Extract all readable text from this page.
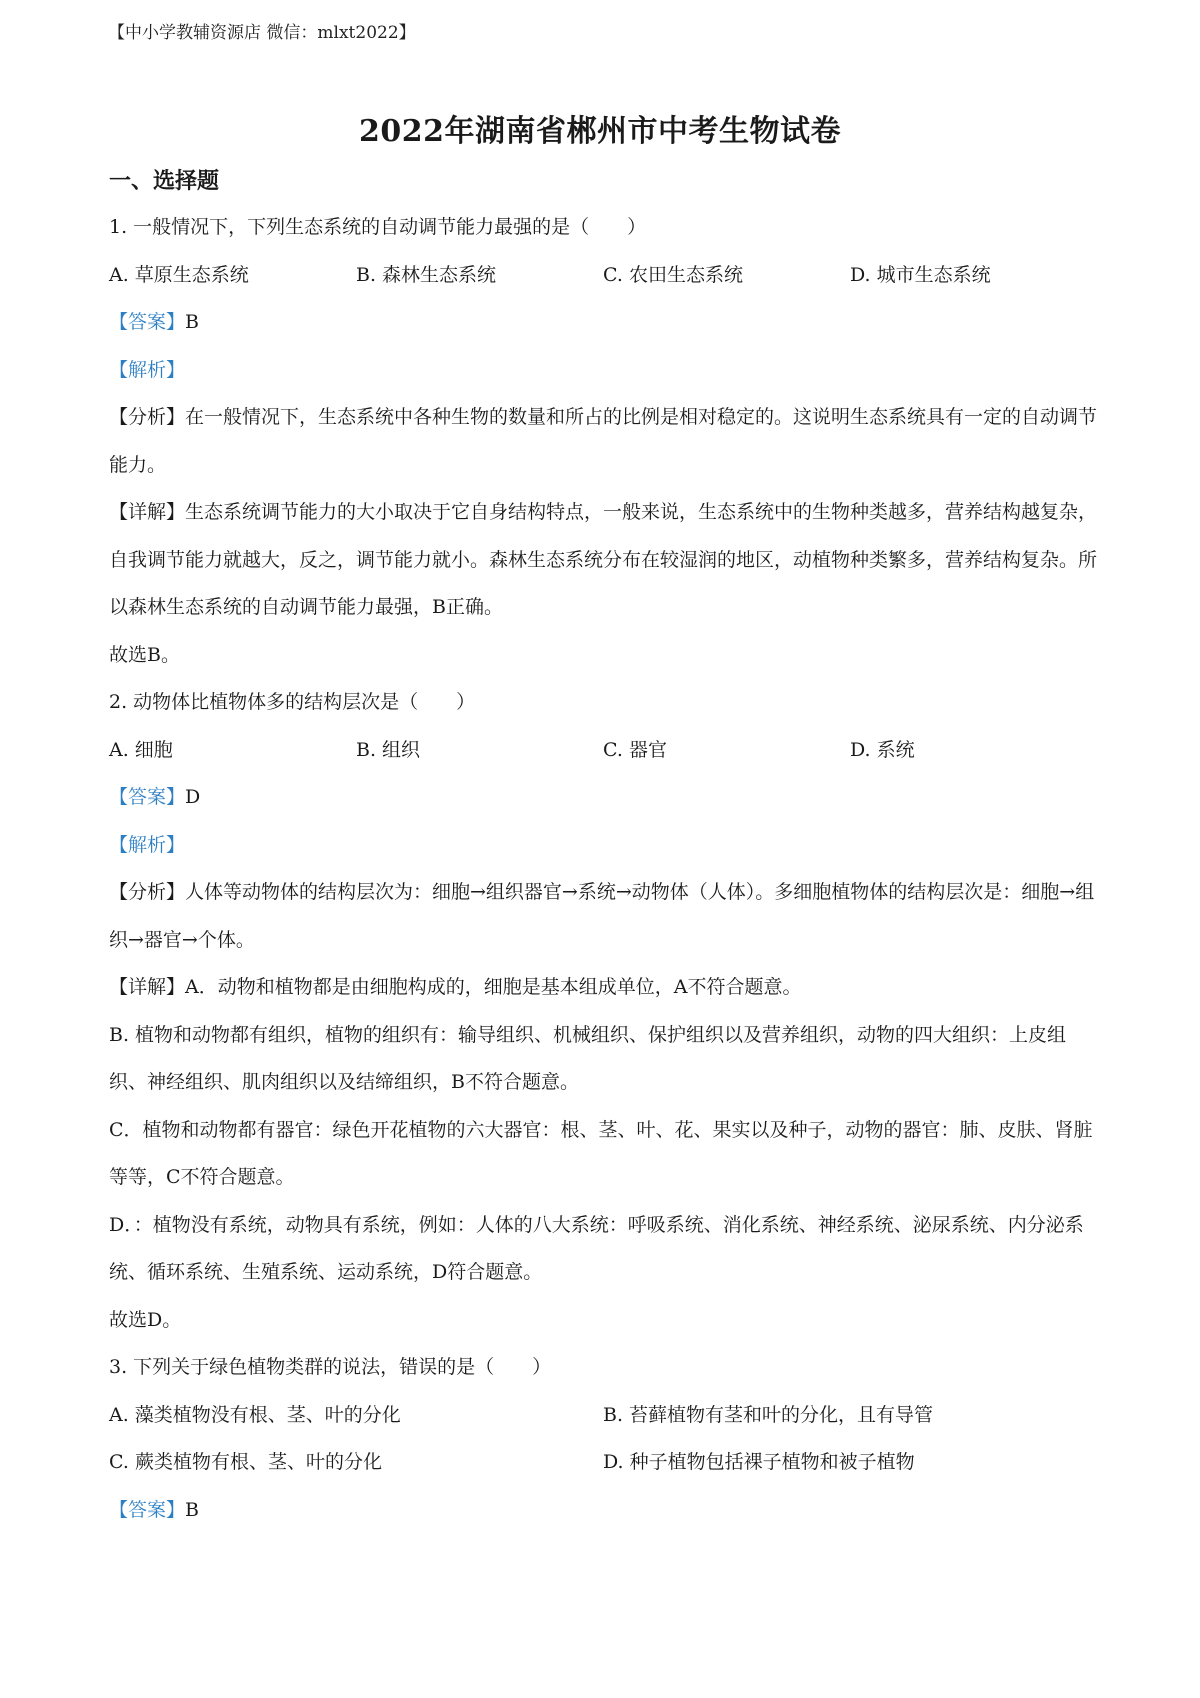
【中小学教辅资源店 微信：mlxt2022】
2022年湖南省郴州市中考生物试卷
一、选择题
1. 一般情况下，下列生态系统的自动调节能力最强的是（　　）
A. 草原生态系统	B. 森林生态系统	C. 农田生态系统	D. 城市生态系统
【答案】B
【解析】
【分析】在一般情况下，生态系统中各种生物的数量和所占的比例是相对稳定的。这说明生态系统具有一定的自动调节能力。
【详解】生态系统调节能力的大小取决于它自身结构特点，一般来说，生态系统中的生物种类越多，营养结构越复杂，自我调节能力就越大，反之，调节能力就小。森林生态系统分布在较湿润的地区，动植物种类繁多，营养结构复杂。所以森林生态系统的自动调节能力最强，B正确。
故选B。
2. 动物体比植物体多的结构层次是（　　）
A. 细胞	B. 组织	C. 器官	D. 系统
【答案】D
【解析】
【分析】人体等动物体的结构层次为：细胞→组织器官→系统→动物体（人体）。多细胞植物体的结构层次是：细胞→组织→器官→个体。
【详解】A．动物和植物都是由细胞构成的，细胞是基本组成单位，A不符合题意。
B. 植物和动物都有组织，植物的组织有：输导组织、机械组织、保护组织以及营养组织，动物的四大组织：上皮组织、神经组织、肌肉组织以及结缔组织，B不符合题意。
C．植物和动物都有器官：绿色开花植物的六大器官：根、茎、叶、花、果实以及种子，动物的器官：肺、皮肤、肾脏等等，C不符合题意。
D．：植物没有系统，动物具有系统，例如：人体的八大系统：呼吸系统、消化系统、神经系统、泌尿系统、内分泌系统、循环系统、生殖系统、运动系统，D符合题意。
故选D。
3. 下列关于绿色植物类群的说法，错误的是（　　）
A. 藻类植物没有根、茎、叶的分化	B. 苔藓植物有茎和叶的分化，且有导管
C. 蕨类植物有根、茎、叶的分化	D. 种子植物包括裸子植物和被子植物
【答案】B
